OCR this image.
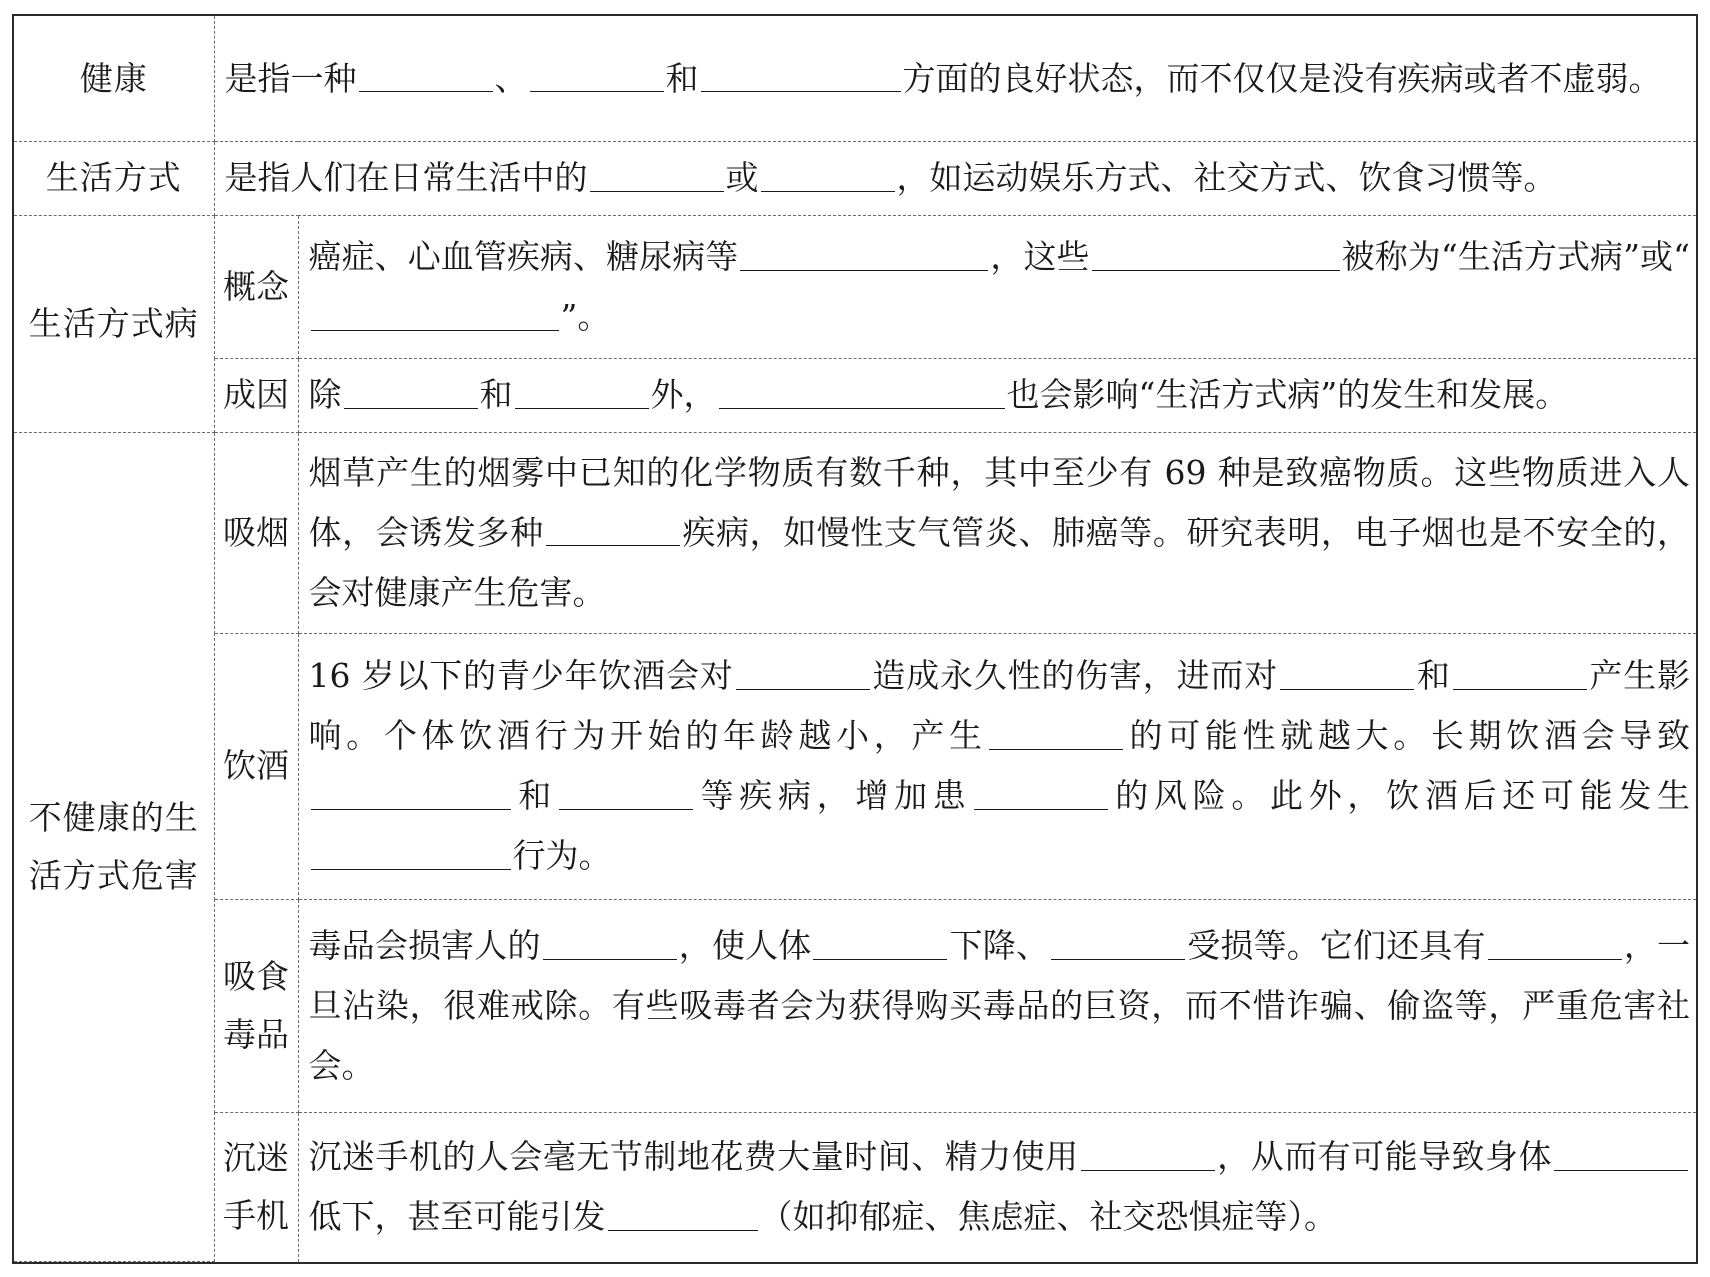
健康	是指一种 、 和 方面的良好状态，而不仅仅是没有疾病或者不虚弱。	
生活方式	是指人们在日常生活中的 或 ，如运动娱乐方式、社交方式、饮食习惯等。	
生活方式病	概念	癌症、心血管疾病、糖尿病等 ，这些 被称为“生活方式病”或“”。
	成因	除 和 外， 也会影响“生活方式病”的发生和发展。
不健康的生活方式危害	吸烟	烟草产生的烟雾中已知的化学物质有数千种，其中至少有 69 种是致癌物质。这些物质进入人体，会诱发多种 疾病，如慢性支气管炎、肺癌等。研究表明，电子烟也是不安全的，会对健康产生危害。
	饮酒	16 岁以下的青少年饮酒会对 造成永久性的伤害，进而对 和 产生影响。个体饮酒行为开始的年龄越小，产生 的可能性就越大。长期饮酒会导致和 等疾病，增加患 的风险。此外，饮酒后还可能发生行为。
	吸食毒品	毒品会损害人的 ，使人体 下降、 受损等。它们还具有 ，一旦沾染，很难戒除。有些吸毒者会为获得购买毒品的巨资，而不惜诈骗、偷盗等，严重危害社会。
	沉迷手机	沉迷手机的人会毫无节制地花费大量时间、精力使用 ，从而有可能导致身体低下，甚至可能引发 （如抑郁症、焦虑症、社交恐惧症等）。
